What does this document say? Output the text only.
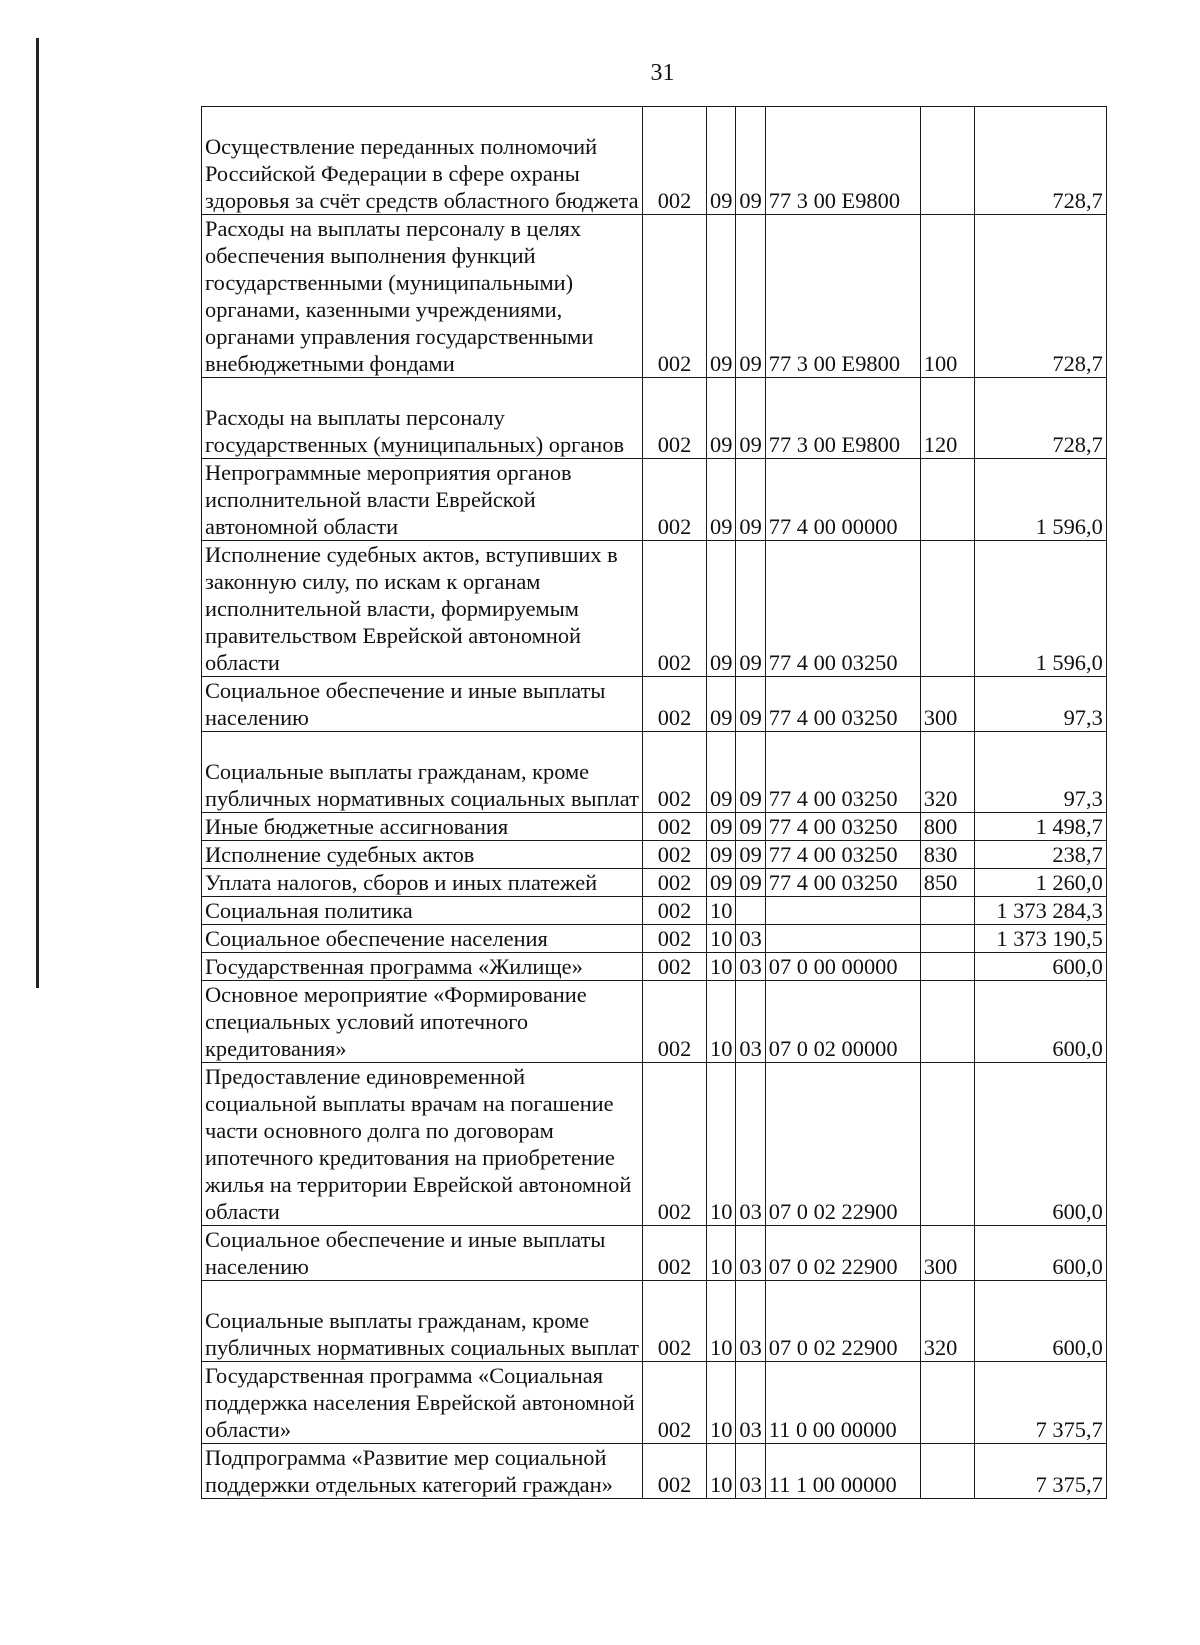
31
Осуществление переданных полномочий Российской Федерации в сфере охраны здоровья за счёт средств областного бюджета	002	09	09	77 3 00 E9800		728,7
Расходы на выплаты персоналу в целях обеспечения выполнения функций государственными (муниципальными) органами, казенными учреждениями, органами управления государственными внебюджетными фондами	002	09	09	77 3 00 E9800	100	728,7
Расходы на выплаты персоналу государственных (муниципальных) органов	002	09	09	77 3 00 E9800	120	728,7
Непрограммные мероприятия органов исполнительной власти Еврейской автономной области	002	09	09	77 4 00 00000		1 596,0
Исполнение судебных актов, вступивших в законную силу, по искам к органам исполнительной власти, формируемым правительством Еврейской автономной области	002	09	09	77 4 00 03250		1 596,0
Социальное обеспечение и иные выплаты населению	002	09	09	77 4 00 03250	300	97,3
Социальные выплаты гражданам, кроме публичных нормативных социальных выплат	002	09	09	77 4 00 03250	320	97,3
Иные бюджетные ассигнования	002	09	09	77 4 00 03250	800	1 498,7
Исполнение судебных актов	002	09	09	77 4 00 03250	830	238,7
Уплата налогов, сборов и иных платежей	002	09	09	77 4 00 03250	850	1 260,0
Социальная политика	002	10				1 373 284,3
Социальное обеспечение населения	002	10	03			1 373 190,5
Государственная программа «Жилище»	002	10	03	07 0 00 00000		600,0
Основное мероприятие «Формирование специальных условий ипотечного кредитования»	002	10	03	07 0 02 00000		600,0
Предоставление единовременной социальной выплаты врачам на погашение части основного долга по договорам ипотечного кредитования на приобретение жилья на территории Еврейской автономной области	002	10	03	07 0 02 22900		600,0
Социальное обеспечение и иные выплаты населению	002	10	03	07 0 02 22900	300	600,0
Социальные выплаты гражданам, кроме публичных нормативных социальных выплат	002	10	03	07 0 02 22900	320	600,0
Государственная программа «Социальная поддержка населения Еврейской автономной области»	002	10	03	11 0 00 00000		7 375,7
Подпрограмма «Развитие мер социальной поддержки отдельных категорий граждан»	002	10	03	11 1 00 00000		7 375,7
